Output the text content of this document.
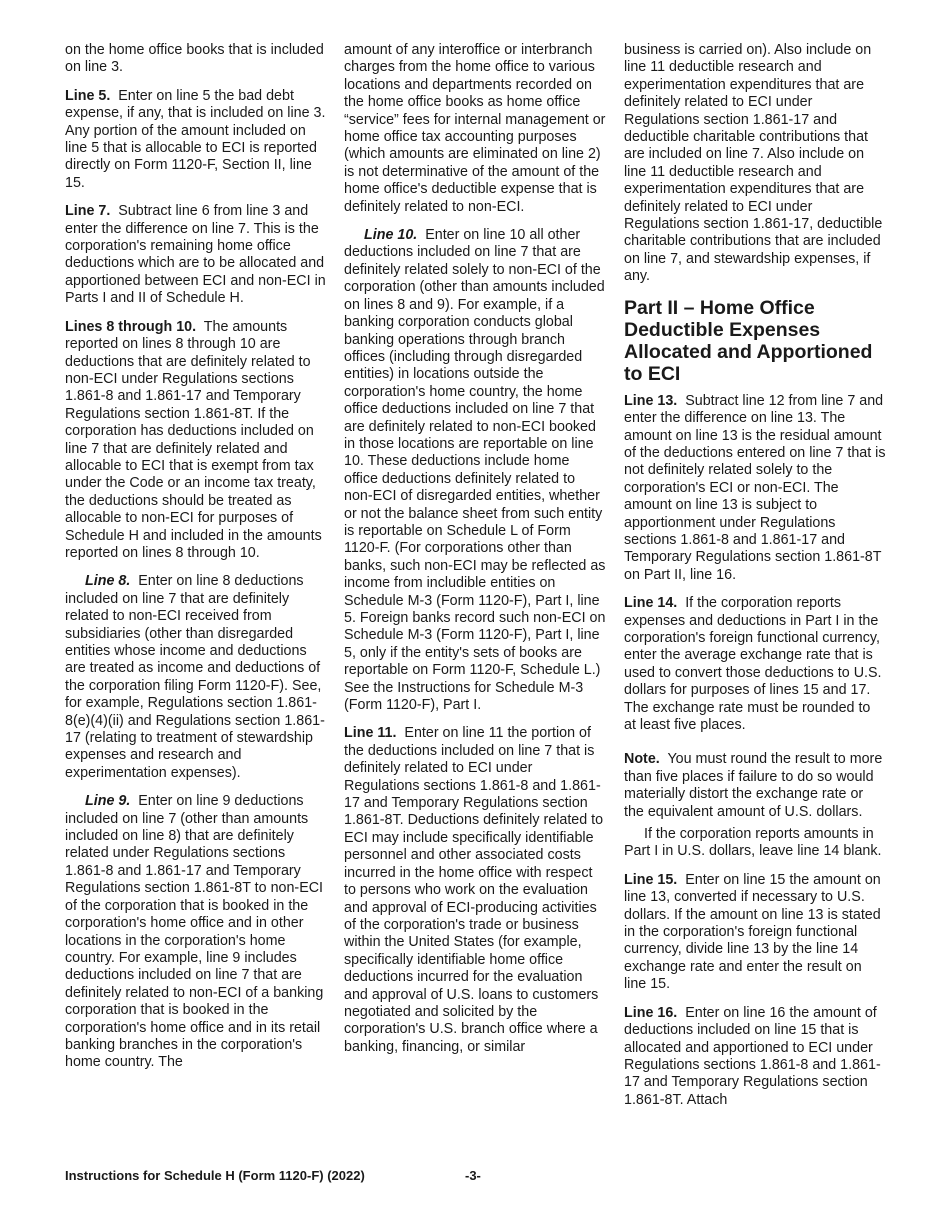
on the home office books that is included on line 3.

Line 5. Enter on line 5 the bad debt expense, if any, that is included on line 3. Any portion of the amount included on line 5 that is allocable to ECI is reported directly on Form 1120-F, Section II, line 15.

Line 7. Subtract line 6 from line 3 and enter the difference on line 7. This is the corporation's remaining home office deductions which are to be allocated and apportioned between ECI and non-ECI in Parts I and II of Schedule H.

Lines 8 through 10. The amounts reported on lines 8 through 10 are deductions that are definitely related to non-ECI under Regulations sections 1.861-8 and 1.861-17 and Temporary Regulations section 1.861-8T. If the corporation has deductions included on line 7 that are definitely related and allocable to ECI that is exempt from tax under the Code or an income tax treaty, the deductions should be treated as allocable to non-ECI for purposes of Schedule H and included in the amounts reported on lines 8 through 10.

Line 8. Enter on line 8 deductions included on line 7 that are definitely related to non-ECI received from subsidiaries (other than disregarded entities whose income and deductions are treated as income and deductions of the corporation filing Form 1120-F). See, for example, Regulations section 1.861-8(e)(4)(ii) and Regulations section 1.861-17 (relating to treatment of stewardship expenses and research and experimentation expenses).

Line 9. Enter on line 9 deductions included on line 7 (other than amounts included on line 8) that are definitely related under Regulations sections 1.861-8 and 1.861-17 and Temporary Regulations section 1.861-8T to non-ECI of the corporation that is booked in the corporation's home office and in other locations in the corporation's home country. For example, line 9 includes deductions included on line 7 that are definitely related to non-ECI of a banking corporation that is booked in the corporation's home office and in its retail banking branches in the corporation's home country. The

amount of any interoffice or interbranch charges from the home office to various locations and departments recorded on the home office books as home office “service” fees for internal management or home office tax accounting purposes (which amounts are eliminated on line 2) is not determinative of the amount of the home office's deductible expense that is definitely related to non-ECI.

Line 10. Enter on line 10 all other deductions included on line 7 that are definitely related solely to non-ECI of the corporation (other than amounts included on lines 8 and 9). For example, if a banking corporation conducts global banking operations through branch offices (including through disregarded entities) in locations outside the corporation's home country, the home office deductions included on line 7 that are definitely related to non-ECI booked in those locations are reportable on line 10. These deductions include home office deductions definitely related to non-ECI of disregarded entities, whether or not the balance sheet from such entity is reportable on Schedule L of Form 1120-F. (For corporations other than banks, such non-ECI may be reflected as income from includible entities on Schedule M-3 (Form 1120-F), Part I, line 5. Foreign banks record such non-ECI on Schedule M-3 (Form 1120-F), Part I, line 5, only if the entity's sets of books are reportable on Form 1120-F, Schedule L.) See the Instructions for Schedule M-3 (Form 1120-F), Part I.

Line 11. Enter on line 11 the portion of the deductions included on line 7 that is definitely related to ECI under Regulations sections 1.861-8 and 1.861-17 and Temporary Regulations section 1.861-8T. Deductions definitely related to ECI may include specifically identifiable personnel and other associated costs incurred in the home office with respect to persons who work on the evaluation and approval of ECI-producing activities of the corporation's trade or business within the United States (for example, specifically identifiable home office deductions incurred for the evaluation and approval of U.S. loans to customers negotiated and solicited by the corporation's U.S. branch office where a banking, financing, or similar

business is carried on). Also include on line 11 deductible research and experimentation expenditures that are definitely related to ECI under Regulations section 1.861-17 and deductible charitable contributions that are included on line 7. Also include on line 11 deductible research and experimentation expenditures that are definitely related to ECI under Regulations section 1.861-17, deductible charitable contributions that are included on line 7, and stewardship expenses, if any.

Part II – Home Office Deductible Expenses Allocated and Apportioned to ECI

Line 13. Subtract line 12 from line 7 and enter the difference on line 13. The amount on line 13 is the residual amount of the deductions entered on line 7 that is not definitely related solely to the corporation's ECI or non-ECI. The amount on line 13 is subject to apportionment under Regulations sections 1.861-8 and 1.861-17 and Temporary Regulations section 1.861-8T on Part II, line 16.

Line 14. If the corporation reports expenses and deductions in Part I in the corporation's foreign functional currency, enter the average exchange rate that is used to convert those deductions to U.S. dollars for purposes of lines 15 and 17. The exchange rate must be rounded to at least five places.

Note. You must round the result to more than five places if failure to do so would materially distort the exchange rate or the equivalent amount of U.S. dollars.

If the corporation reports amounts in Part I in U.S. dollars, leave line 14 blank.

Line 15. Enter on line 15 the amount on line 13, converted if necessary to U.S. dollars. If the amount on line 13 is stated in the corporation's foreign functional currency, divide line 13 by the line 14 exchange rate and enter the result on line 15.

Line 16. Enter on line 16 the amount of deductions included on line 15 that is allocated and apportioned to ECI under Regulations sections 1.861-8 and 1.861-17 and Temporary Regulations section 1.861-8T. Attach

Instructions for Schedule H (Form 1120-F) (2022)	-3-
